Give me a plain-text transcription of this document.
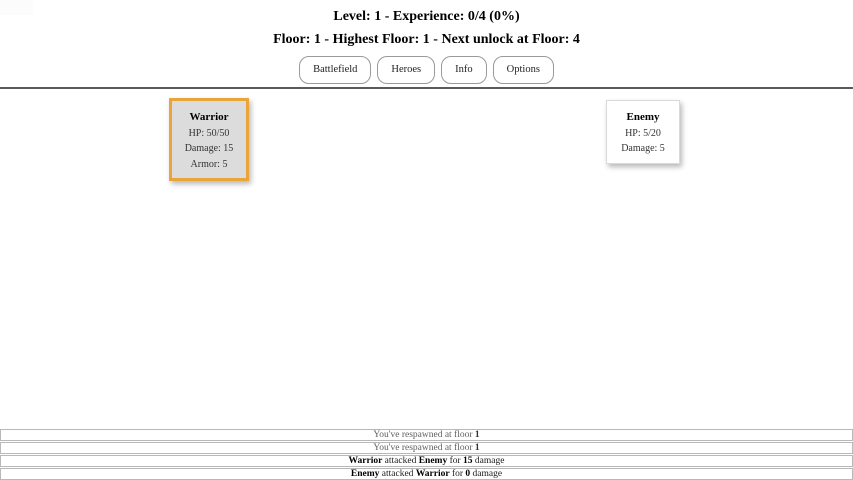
Level: 1 - Experience: 0/4 (0%)
Floor: 1 - Highest Floor: 1 - Next unlock at Floor: 4
Battlefield	Heroes	Info	Options
Warrior
HP: 50/50
Damage: 15
Armor: 5
Enemy
HP: 5/20
Damage: 5
You've respawned at floor 1
You've respawned at floor 1
Warrior attacked Enemy for 15 damage
Enemy attacked Warrior for 0 damage
